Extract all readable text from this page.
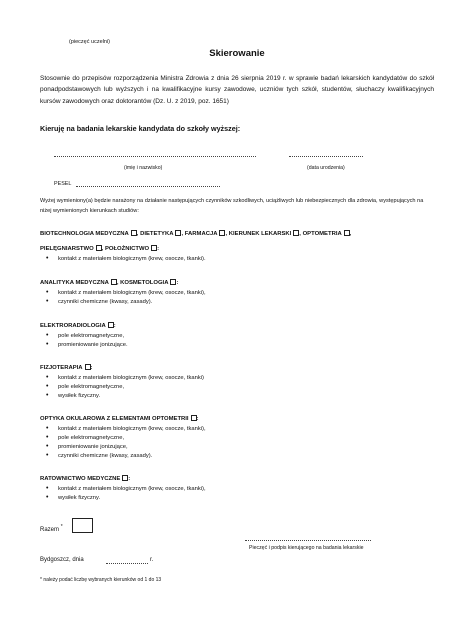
(pieczęć uczelni)
Skierowanie
Stosownie do przepisów rozporządzenia Ministra Zdrowia z dnia 26 sierpnia 2019 r. w sprawie badań lekarskich kandydatów do szkół ponadpodstawowych lub wyższych i na kwalifikacyjne kursy zawodowe, uczniów tych szkół, studentów, słuchaczy kwalifikacyjnych kursów zawodowych oraz doktorantów (Dz. U. z 2019, poz. 1651)
Kieruję na badania lekarskie kandydata do szkoły wyższej:
(imię i nazwisko)	(data urodzenia)
PESEL
Wyżej wymieniony(a) będzie narażony na działanie następujących czynników szkodliwych, uciążliwych lub niebezpiecznych dla zdrowia, występujących na niżej wymienionych kierunkach studiów:
BIOTECHNOLOGIA MEDYCZNA , DIETETYKA , FARMACJA , KIERUNEK LEKARSKI , OPTOMETRIA ,
PIELĘGNIARSTWO , POŁOŻNICTWO :
• kontakt z materiałem biologicznym (krew, osocze, tkanki).
ANALITYKA MEDYCZNA , KOSMETOLOGIA :
• kontakt z materiałem biologicznym (krew, osocze, tkanki),
• czynniki chemiczne (kwasy, zasady).
ELEKTRORADIOLOGIA :
• pole elektromagnetyczne,
• promieniowanie jonizujące.
FIZJOTERAPIA :
• kontakt z materiałem biologicznym (krew, osocze, tkanki)
• pole elektromagnetyczne,
• wysiłek fizyczny.
OPTYKA OKULAROWA Z ELEMENTAMI OPTOMETRII :
• kontakt z materiałem biologicznym (krew, osocze, tkanki),
• pole elektromagnetyczne,
• promieniowanie jonizujące,
• czynniki chemiczne (kwasy, zasady).
RATOWNICTWO MEDYCZNE :
• kontakt z materiałem biologicznym (krew, osocze, tkanki),
• wysiłek fizyczny.
Razem *
Pieczęć i podpis kierującego na badania lekarskie
Bydgoszcz, dnia	r.
* należy podać liczbę wybranych kierunków od 1 do 13
